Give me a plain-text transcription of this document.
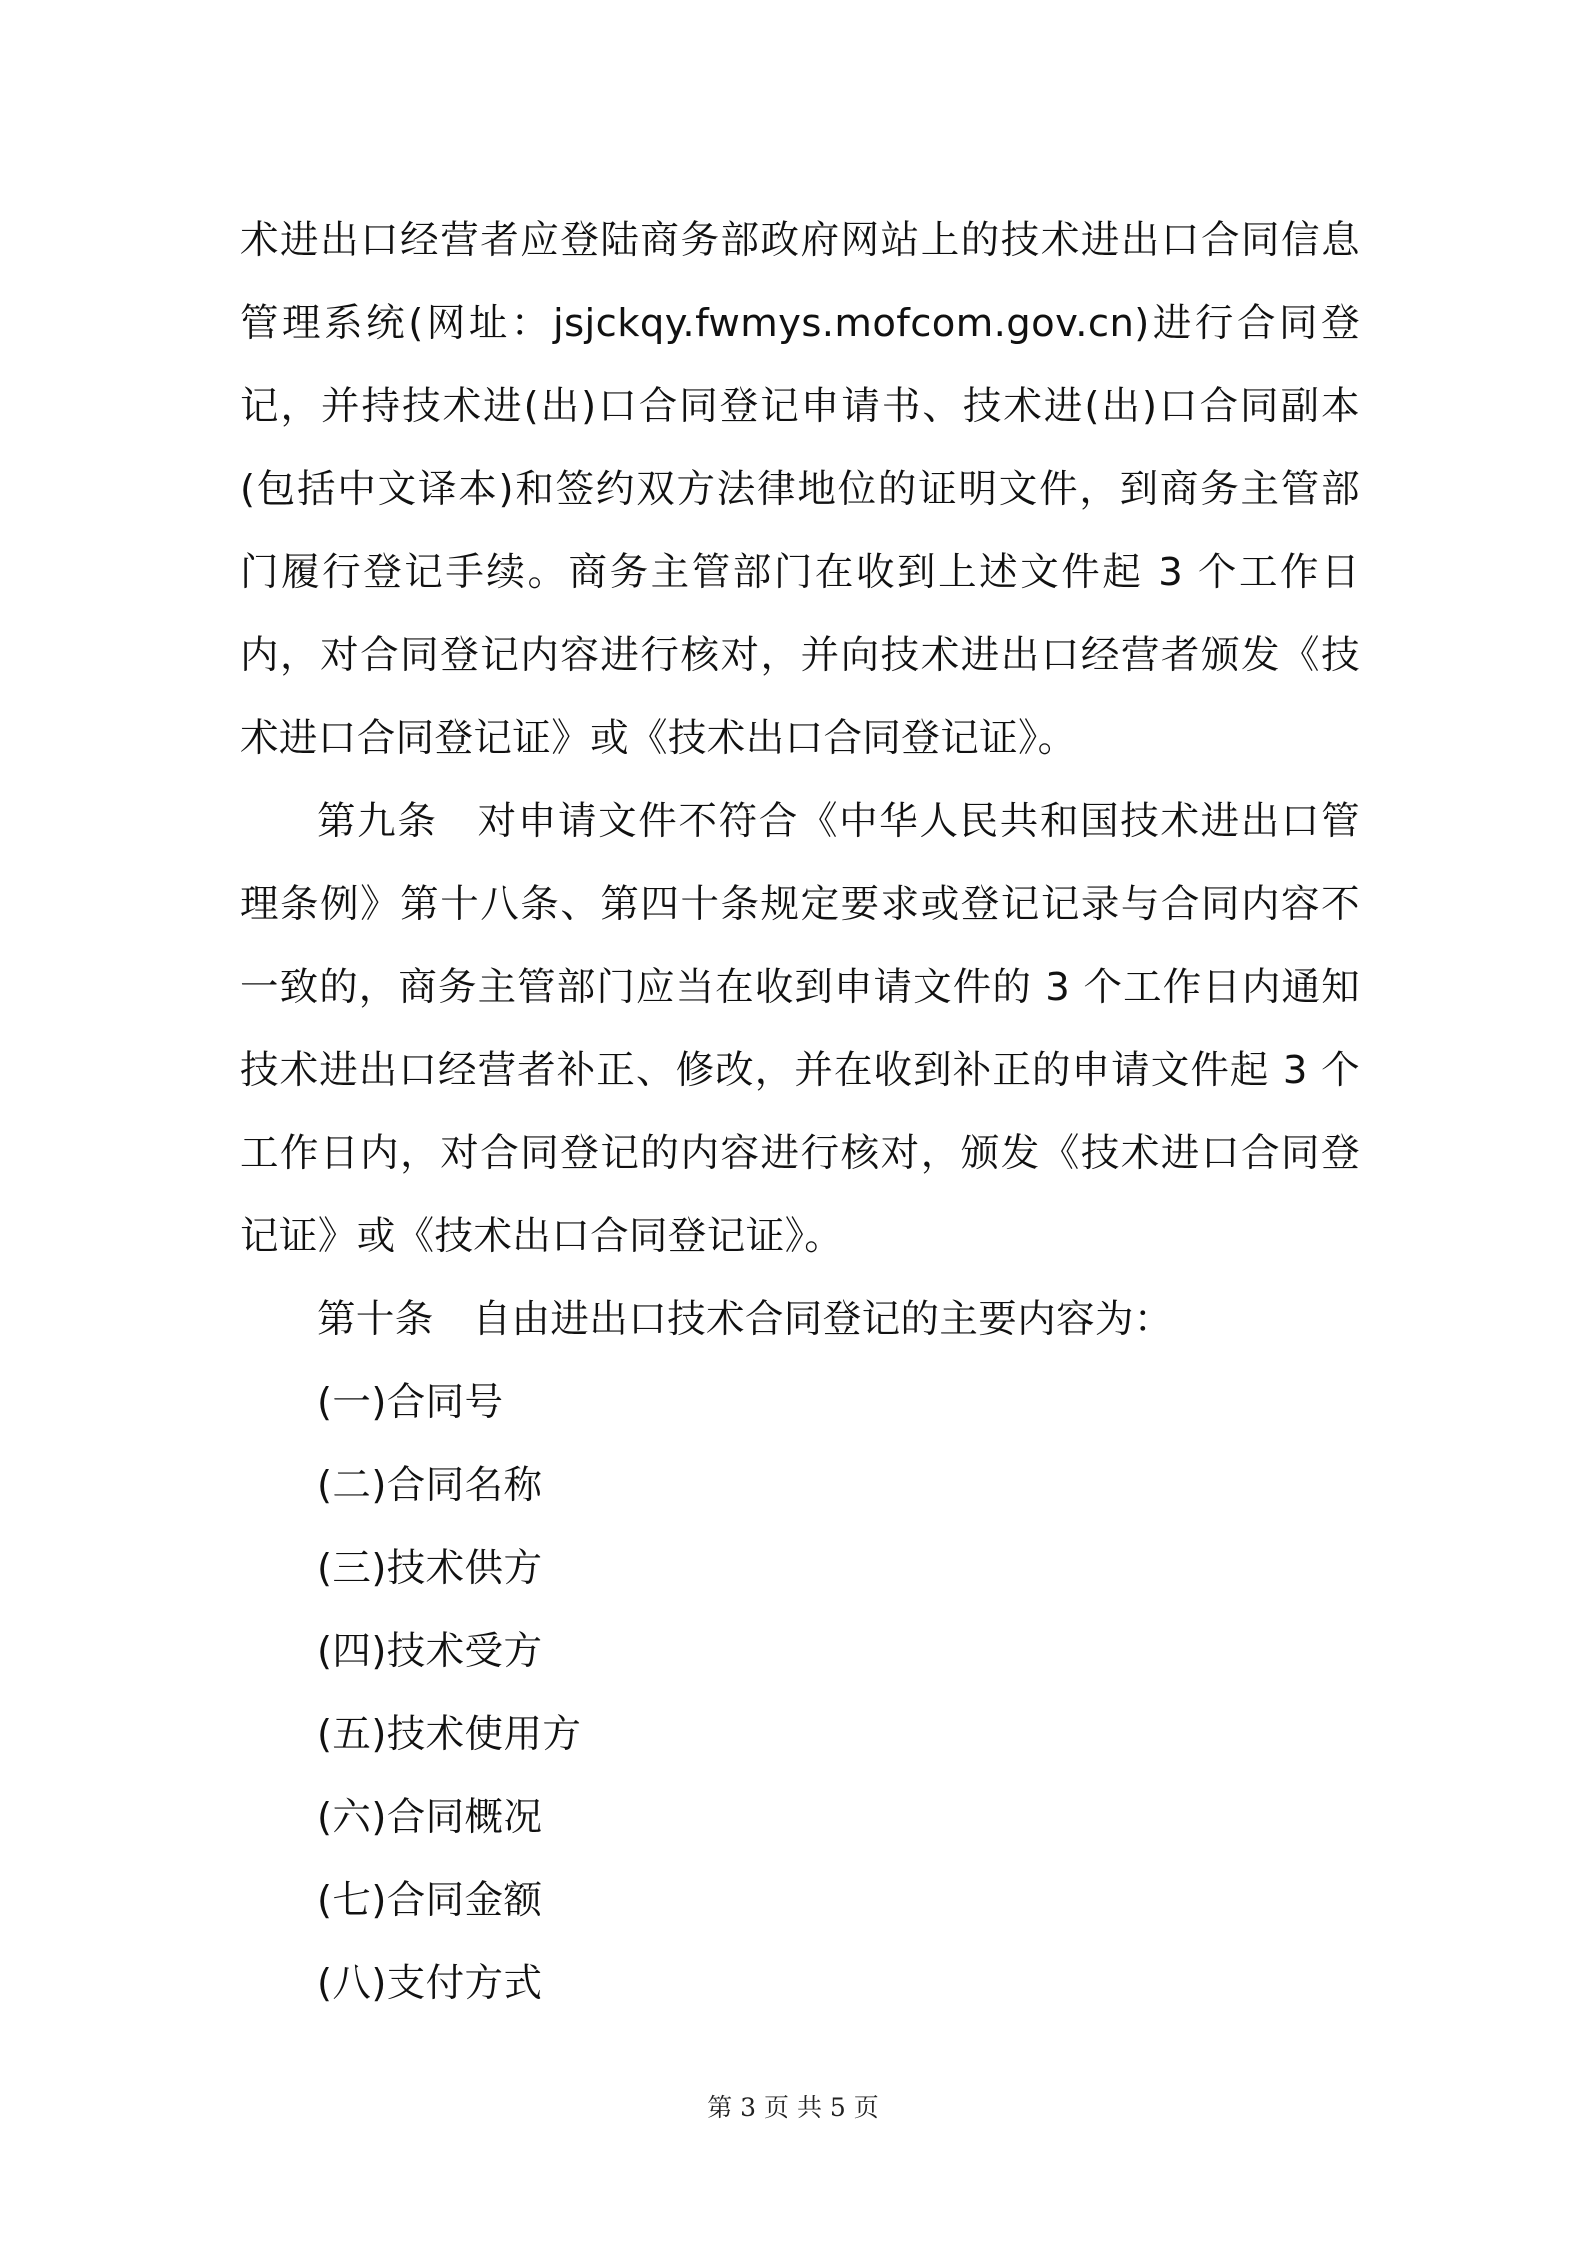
术进出口经营者应登陆商务部政府网站上的技术进出口合同信息管理系统(网址：jsjckqy.fwmys.mofcom.gov.cn)进行合同登记，并持技术进(出)口合同登记申请书、技术进(出)口合同副本(包括中文译本)和签约双方法律地位的证明文件，到商务主管部门履行登记手续。商务主管部门在收到上述文件起 3 个工作日内，对合同登记内容进行核对，并向技术进出口经营者颁发《技术进口合同登记证》或《技术出口合同登记证》。

第九条　对申请文件不符合《中华人民共和国技术进出口管理条例》第十八条、第四十条规定要求或登记记录与合同内容不一致的，商务主管部门应当在收到申请文件的 3 个工作日内通知技术进出口经营者补正、修改，并在收到补正的申请文件起 3 个工作日内，对合同登记的内容进行核对，颁发《技术进口合同登记证》或《技术出口合同登记证》。

第十条　自由进出口技术合同登记的主要内容为：

(一)合同号

(二)合同名称

(三)技术供方

(四)技术受方

(五)技术使用方

(六)合同概况

(七)合同金额

(八)支付方式

第 3 页 共 5 页
